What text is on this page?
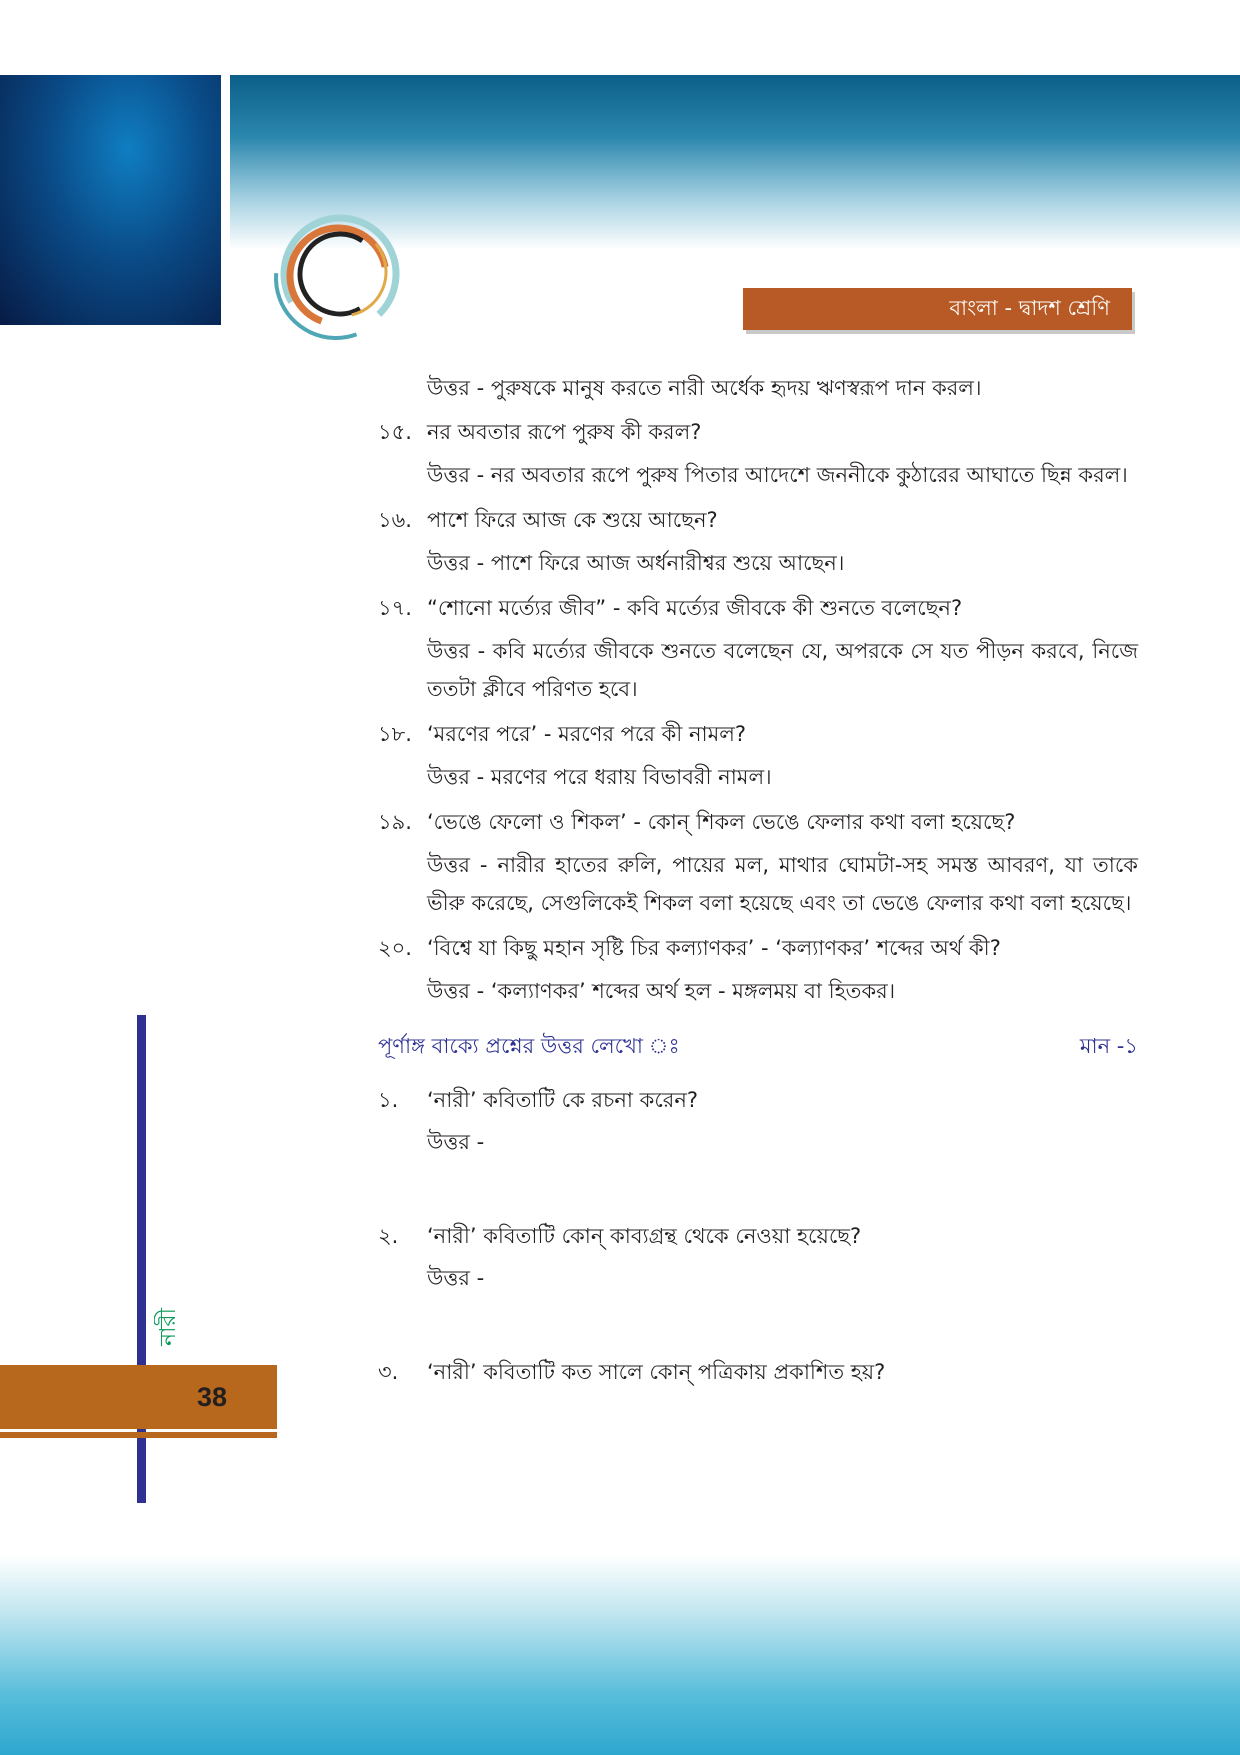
বাংলা - দ্বাদশ শ্রেণি

উত্তর - পুরুষকে মানুষ করতে নারী অর্ধেক হৃদয় ঋণস্বরূপ দান করল।

১৫. নর অবতার রূপে পুরুষ কী করল?

উত্তর - নর অবতার রূপে পুরুষ পিতার আদেশে জননীকে কুঠারের আঘাতে ছিন্ন করল।

১৬. পাশে ফিরে আজ কে শুয়ে আছেন?

উত্তর - পাশে ফিরে আজ অর্ধনারীশ্বর শুয়ে আছেন।

১৭. “শোনো মর্ত্যের জীব” - কবি মর্ত্যের জীবকে কী শুনতে বলেছেন?

উত্তর - কবি মর্ত্যের জীবকে শুনতে বলেছেন যে, অপরকে সে যত পীড়ন করবে, নিজে ততটা ক্লীবে পরিণত হবে।

১৮. ‘মরণের পরে’ - মরণের পরে কী নামল?

উত্তর - মরণের পরে ধরায় বিভাবরী নামল।

১৯. ‘ভেঙে ফেলো ও শিকল’ - কোন্ শিকল ভেঙে ফেলার কথা বলা হয়েছে?

উত্তর - নারীর হাতের রুলি, পায়ের মল, মাথার ঘোমটা-সহ সমস্ত আবরণ, যা তাকে ভীরু করেছে, সেগুলিকেই শিকল বলা হয়েছে এবং তা ভেঙে ফেলার কথা বলা হয়েছে।

২০. ‘বিশ্বে যা কিছু মহান সৃষ্টি চির কল্যাণকর’ - ‘কল্যাণকর’ শব্দের অর্থ কী?

উত্তর - ‘কল্যাণকর’ শব্দের অর্থ হল - মঙ্গলময় বা হিতকর।

পূর্ণাঙ্গ বাক্যে প্রশ্নের উত্তর লেখো ঃ	মান -১
১.	‘নারী’ কবিতাটি কে রচনা করেন?

উত্তর -

২.	‘নারী’ কবিতাটি কোন্ কাব্যগ্রন্থ থেকে নেওয়া হয়েছে?

উত্তর -

৩.	‘নারী’ কবিতাটি কত সালে কোন্ পত্রিকায় প্রকাশিত হয়?
নারী
38
